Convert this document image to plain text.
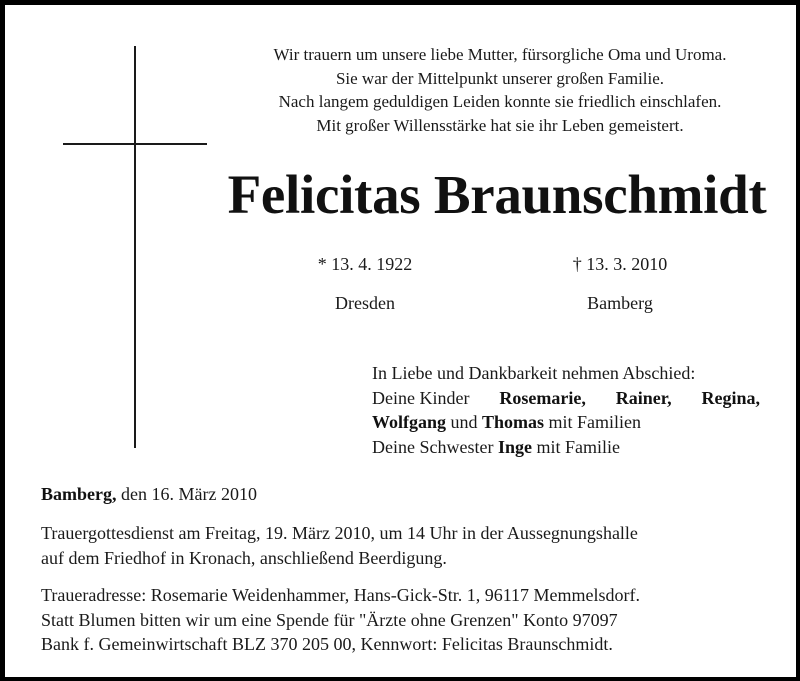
Wir trauern um unsere liebe Mutter, fürsorgliche Oma und Uroma.
Sie war der Mittelpunkt unserer großen Familie.
Nach langem geduldigen Leiden konnte sie friedlich einschlafen.
Mit großer Willensstärke hat sie ihr Leben gemeistert.
Felicitas Braunschmidt
* 13. 4. 1922
Dresden
† 13. 3. 2010
Bamberg
In Liebe und Dankbarkeit nehmen Abschied:
Deine Kinder Rosemarie, Rainer, Regina,
Wolfgang und Thomas mit Familien
Deine Schwester Inge mit Familie
Bamberg, den 16. März 2010
Trauergottesdienst am Freitag, 19. März 2010, um 14 Uhr in der Aussegnungshalle
auf dem Friedhof in Kronach, anschließend Beerdigung.
Traueradresse: Rosemarie Weidenhammer, Hans-Gick-Str. 1, 96117 Memmelsdorf.
Statt Blumen bitten wir um eine Spende für "Ärzte ohne Grenzen" Konto 97097
Bank f. Gemeinwirtschaft BLZ 370 205 00, Kennwort: Felicitas Braunschmidt.
